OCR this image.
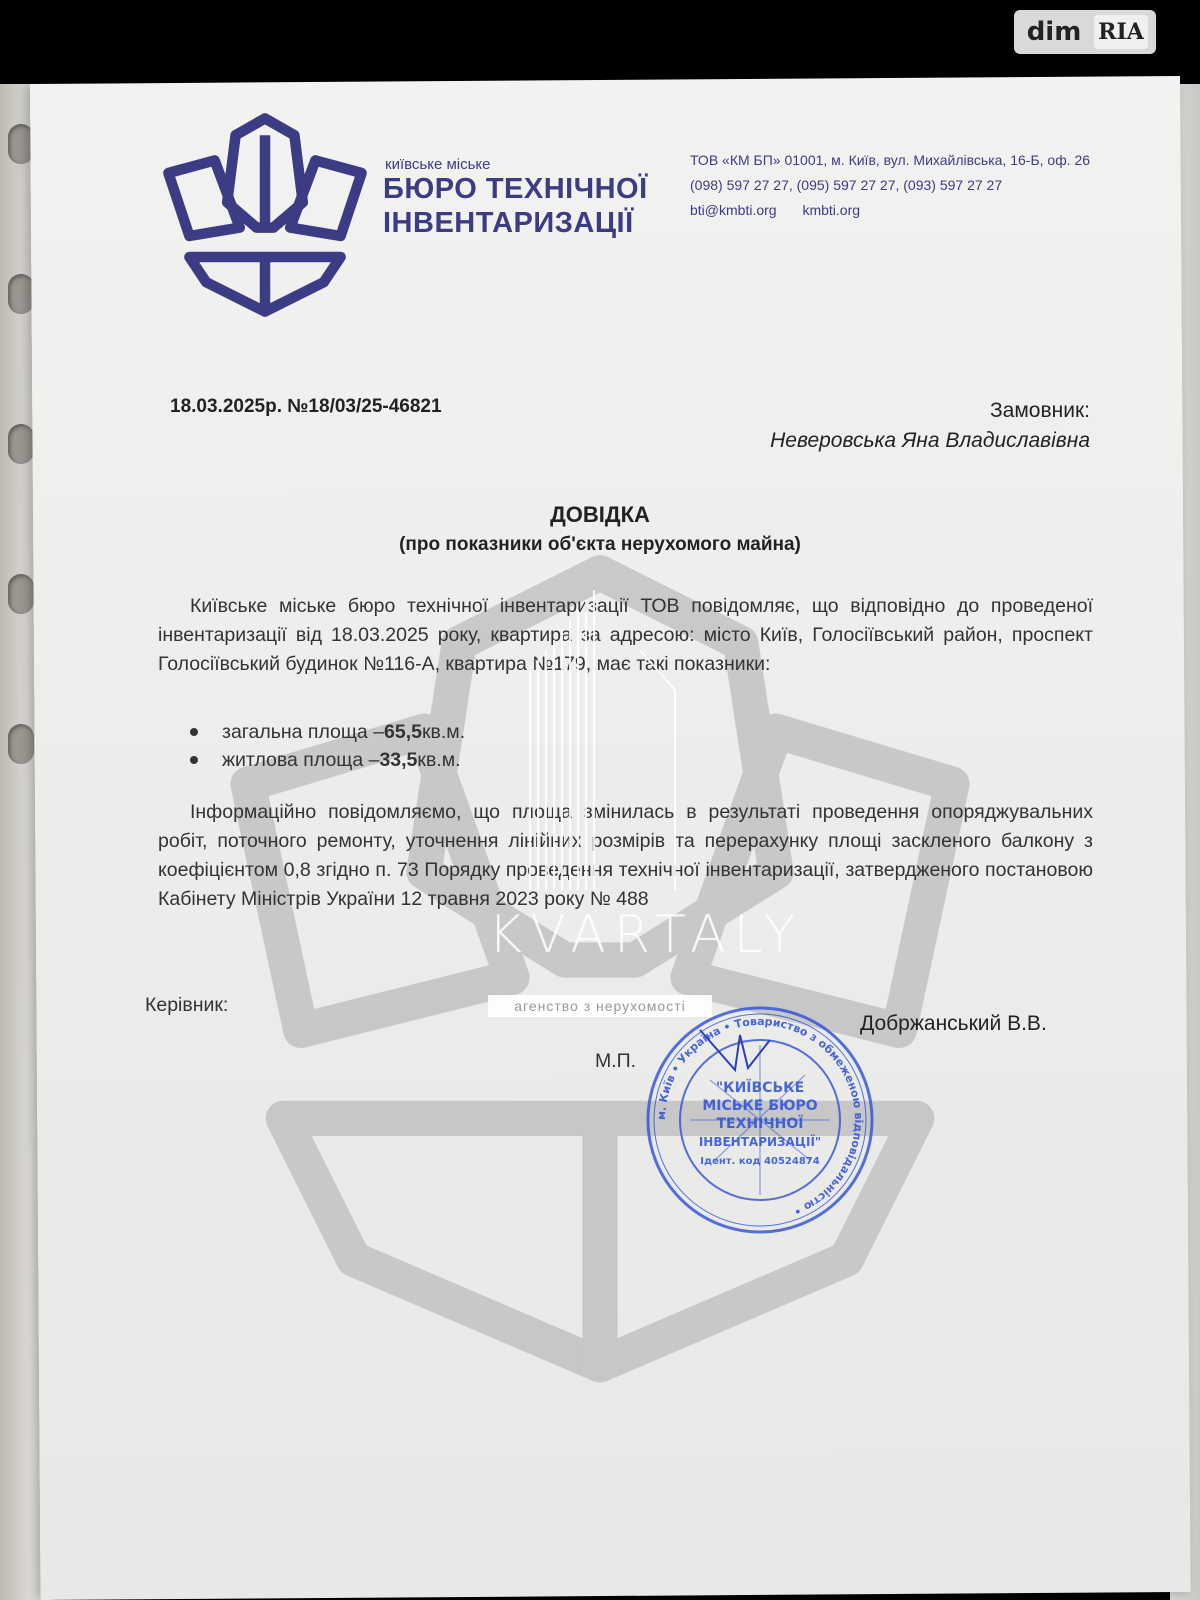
dim RIA
київське міське
БЮРО ТЕХНІЧНОЇ
ІНВЕНТАРИЗАЦІЇ
ТОВ «КМ БП» 01001, м. Київ, вул. Михайлівська, 16-Б, оф. 26
(098) 597 27 27, (095) 597 27 27, (093) 597 27 27
bti@kmbti.org kmbti.org
18.03.2025р. №18/03/25-46821	Замовник:
Неверовська Яна Владиславівна
ДОВІДКА
(про показники об'єкта нерухомого майна)
Київське міське бюро технічної інвентаризації ТОВ повідомляє, що відповідно до проведеної інвентаризації від 18.03.2025 року, квартира за адресою: місто Київ, Голосіївський район, проспект Голосіївський будинок №116-А, квартира №179, має такі показники:
загальна площа – 65,5 кв.м.
житлова площа – 33,5 кв.м.
Інформаційно повідомляємо, що площа змінилась в результаті проведення опоряджувальних робіт, поточного ремонту, уточнення лінійних розмірів та перерахунку площі заскленого балкону з коефіцієнтом 0,8 згідно п. 73 Порядку проведення технічної інвентаризації, затвердженого постановою Кабінету Міністрів України 12 травня 2023 року № 488
Керівник:
М.П.
Добржанський В.В.
KVARTALY
агенство з нерухомості
м. Київ • Україна • Товариство з обмеженою відповідальністю •
"КИЇВСЬКЕ
МІСЬКЕ БЮРО
ТЕХНІЧНОЇ
ІНВЕНТАРИЗАЦІЇ"
Ідент. код 40524874
